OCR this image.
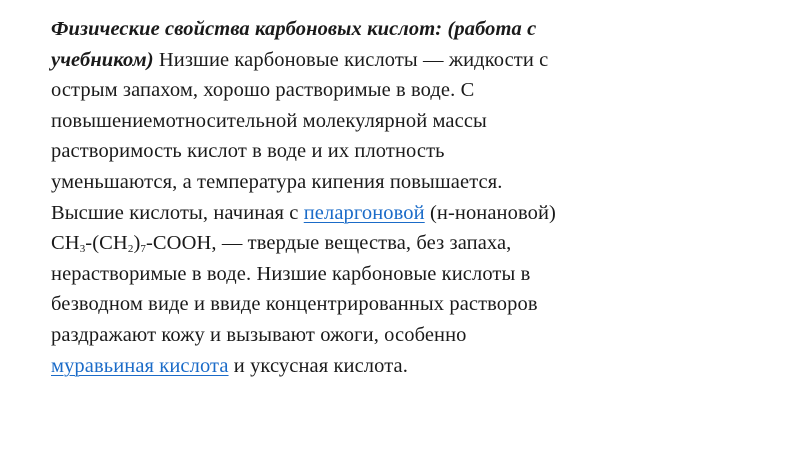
Физические свойства карбоновых кислот: (работа с
учебником) Низшие карбоновые кислоты — жидкости с
острым запахом, хорошо растворимые в воде. С
повышениемотносительной молекулярной массы
растворимость кислот в воде и их плотность
уменьшаются, а температура кипения повышается.
Высшие кислоты, начиная с пеларгоновой (н-нонановой)
$CH_3-(CH_2)_7$-COOH, — твердые вещества, без запаха,
нерастворимые в воде. Низшие карбоновые кислоты в
безводном виде и ввиде концентрированных растворов
раздражают кожу и вызывают ожоги, особенно
муравьиная кислота и уксусная кислота.
